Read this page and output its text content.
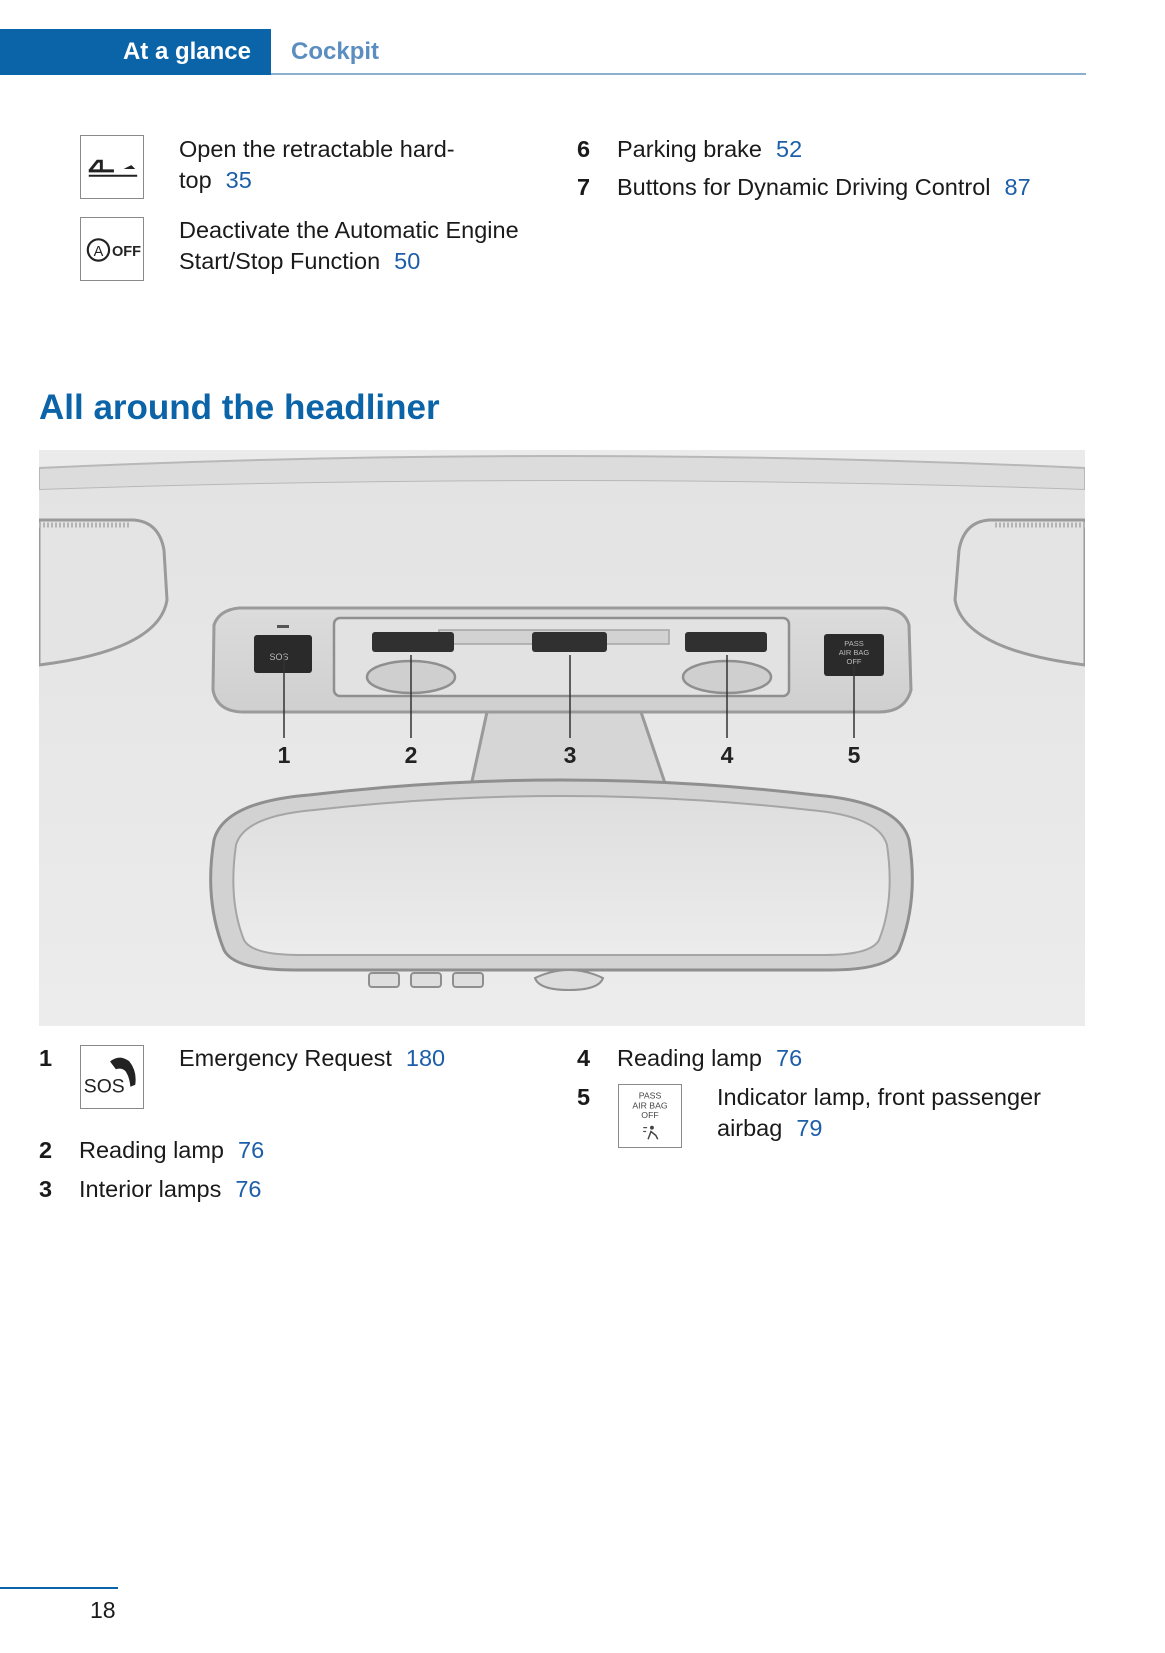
At a glance Cockpit
Open the retractable hard-
top 35
A OFF
Deactivate the Automatic Engine
Start/Stop Function 50
6 Parking brake 52
7 Buttons for Dynamic Driving Control 87
All around the headliner
SOS
PASS
AIR BAG
OFF
1	2	3	4	5
1
SOS
Emergency Request 180
2 Reading lamp 76
3 Interior lamps 76
4 Reading lamp 76
5	PASS
AIR BAG
OFF
Indicator lamp, front passenger
airbag 79
18
